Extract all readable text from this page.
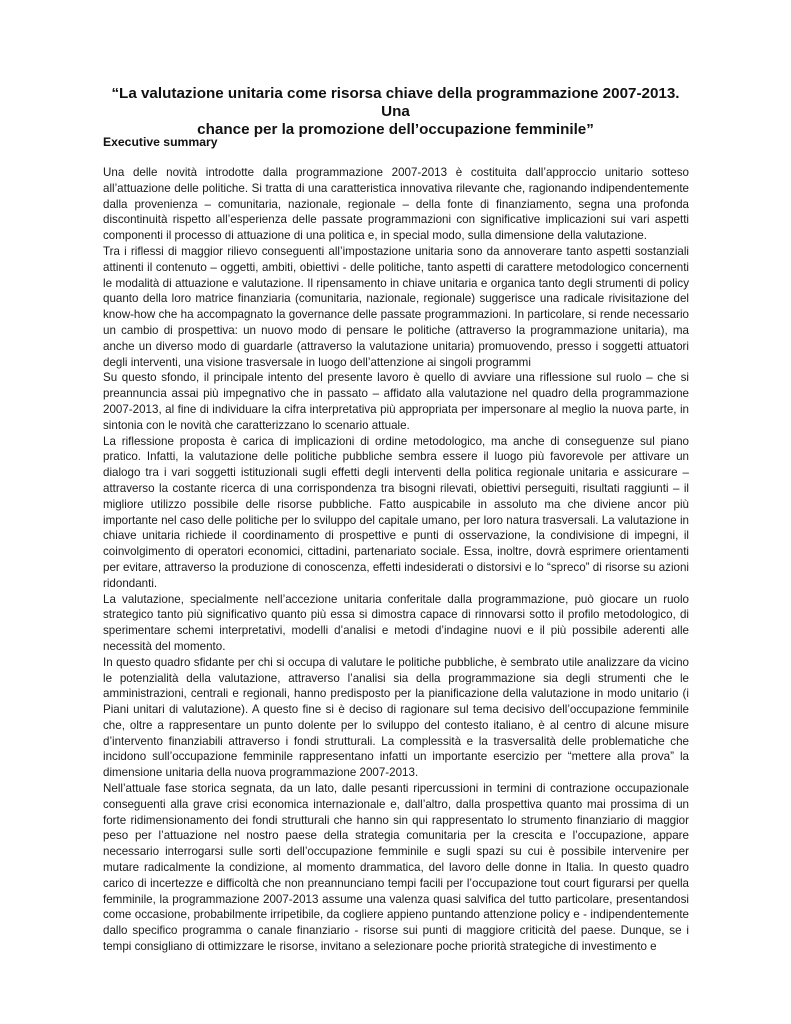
“La valutazione unitaria come risorsa chiave della programmazione 2007-2013. Una
chance per la promozione dell’occupazione femminile”
Executive summary

Una delle novità introdotte dalla programmazione 2007-2013 è costituita dall’approccio unitario sotteso all’attuazione delle politiche. Si tratta di una caratteristica innovativa rilevante che, ragionando indipendentemente dalla provenienza – comunitaria, nazionale, regionale – della fonte di finanziamento, segna una profonda discontinuità rispetto all’esperienza delle passate programmazioni con significative implicazioni sui vari aspetti componenti il processo di attuazione di una politica e, in special modo, sulla dimensione della valutazione.

Tra i riflessi di maggior rilievo conseguenti all’impostazione unitaria sono da annoverare tanto aspetti sostanziali attinenti il contenuto – oggetti, ambiti, obiettivi - delle politiche, tanto aspetti di carattere metodologico concernenti le modalità di attuazione e valutazione. Il ripensamento in chiave unitaria e organica tanto degli strumenti di policy quanto della loro matrice finanziaria (comunitaria, nazionale, regionale) suggerisce una radicale rivisitazione del know-how che ha accompagnato la governance delle passate programmazioni. In particolare, si rende necessario un cambio di prospettiva: un nuovo modo di pensare le politiche (attraverso la programmazione unitaria), ma anche un diverso modo di guardarle (attraverso la valutazione unitaria) promuovendo, presso i soggetti attuatori degli interventi, una visione trasversale in luogo dell’attenzione ai singoli programmi

Su questo sfondo, il principale intento del presente lavoro è quello di avviare una riflessione sul ruolo – che si preannuncia assai più impegnativo che in passato – affidato alla valutazione nel quadro della programmazione 2007-2013, al fine di individuare la cifra interpretativa più appropriata per impersonare al meglio la nuova parte, in sintonia con le novità che caratterizzano lo scenario attuale.

La riflessione proposta è carica di implicazioni di ordine metodologico, ma anche di conseguenze sul piano pratico. Infatti, la valutazione delle politiche pubbliche sembra essere il luogo più favorevole per attivare un dialogo tra i vari soggetti istituzionali sugli effetti degli interventi della politica regionale unitaria e assicurare – attraverso la costante ricerca di una corrispondenza tra bisogni rilevati, obiettivi perseguiti, risultati raggiunti – il migliore utilizzo possibile delle risorse pubbliche. Fatto auspicabile in assoluto ma che diviene ancor più importante nel caso delle politiche per lo sviluppo del capitale umano, per loro natura trasversali. La valutazione in chiave unitaria richiede il coordinamento di prospettive e punti di osservazione, la condivisione di impegni, il coinvolgimento di operatori economici, cittadini, partenariato sociale. Essa, inoltre, dovrà esprimere orientamenti per evitare, attraverso la produzione di conoscenza, effetti indesiderati o distorsivi e lo “spreco” di risorse su azioni ridondanti.

La valutazione, specialmente nell’accezione unitaria conferitale dalla programmazione, può giocare un ruolo strategico tanto più significativo quanto più essa si dimostra capace di rinnovarsi sotto il profilo metodologico, di sperimentare schemi interpretativi, modelli d’analisi e metodi d’indagine nuovi e il più possibile aderenti alle necessità del momento.

In questo quadro sfidante per chi si occupa di valutare le politiche pubbliche, è sembrato utile analizzare da vicino le potenzialità della valutazione, attraverso l’analisi sia della programmazione sia degli strumenti che le amministrazioni, centrali e regionali, hanno predisposto per la pianificazione della valutazione in modo unitario (i Piani unitari di valutazione). A questo fine si è deciso di ragionare sul tema decisivo dell’occupazione femminile che, oltre a rappresentare un punto dolente per lo sviluppo del contesto italiano, è al centro di alcune misure d’intervento finanziabili attraverso i fondi strutturali. La complessità e la trasversalità delle problematiche che incidono sull’occupazione femminile rappresentano infatti un importante esercizio per “mettere alla prova” la dimensione unitaria della nuova programmazione 2007-2013.

Nell’attuale fase storica segnata, da un lato, dalle pesanti ripercussioni in termini di contrazione occupazionale conseguenti alla grave crisi economica internazionale e, dall’altro, dalla prospettiva quanto mai prossima di un forte ridimensionamento dei fondi strutturali che hanno sin qui rappresentato lo strumento finanziario di maggior peso per l’attuazione nel nostro paese della strategia comunitaria per la crescita e l’occupazione, appare necessario interrogarsi sulle sorti dell’occupazione femminile e sugli spazi su cui è possibile intervenire per mutare radicalmente la condizione, al momento drammatica, del lavoro delle donne in Italia. In questo quadro carico di incertezze e difficoltà che non preannunciano tempi facili per l’occupazione tout court figurarsi per quella femminile, la programmazione 2007-2013 assume una valenza quasi salvifica del tutto particolare, presentandosi come occasione, probabilmente irripetibile, da cogliere appieno puntando attenzione policy e - indipendentemente dallo specifico programma o canale finanziario - risorse sui punti di maggiore criticità del paese. Dunque, se i tempi consigliano di ottimizzare le risorse, invitano a selezionare poche priorità strategiche di investimento e
